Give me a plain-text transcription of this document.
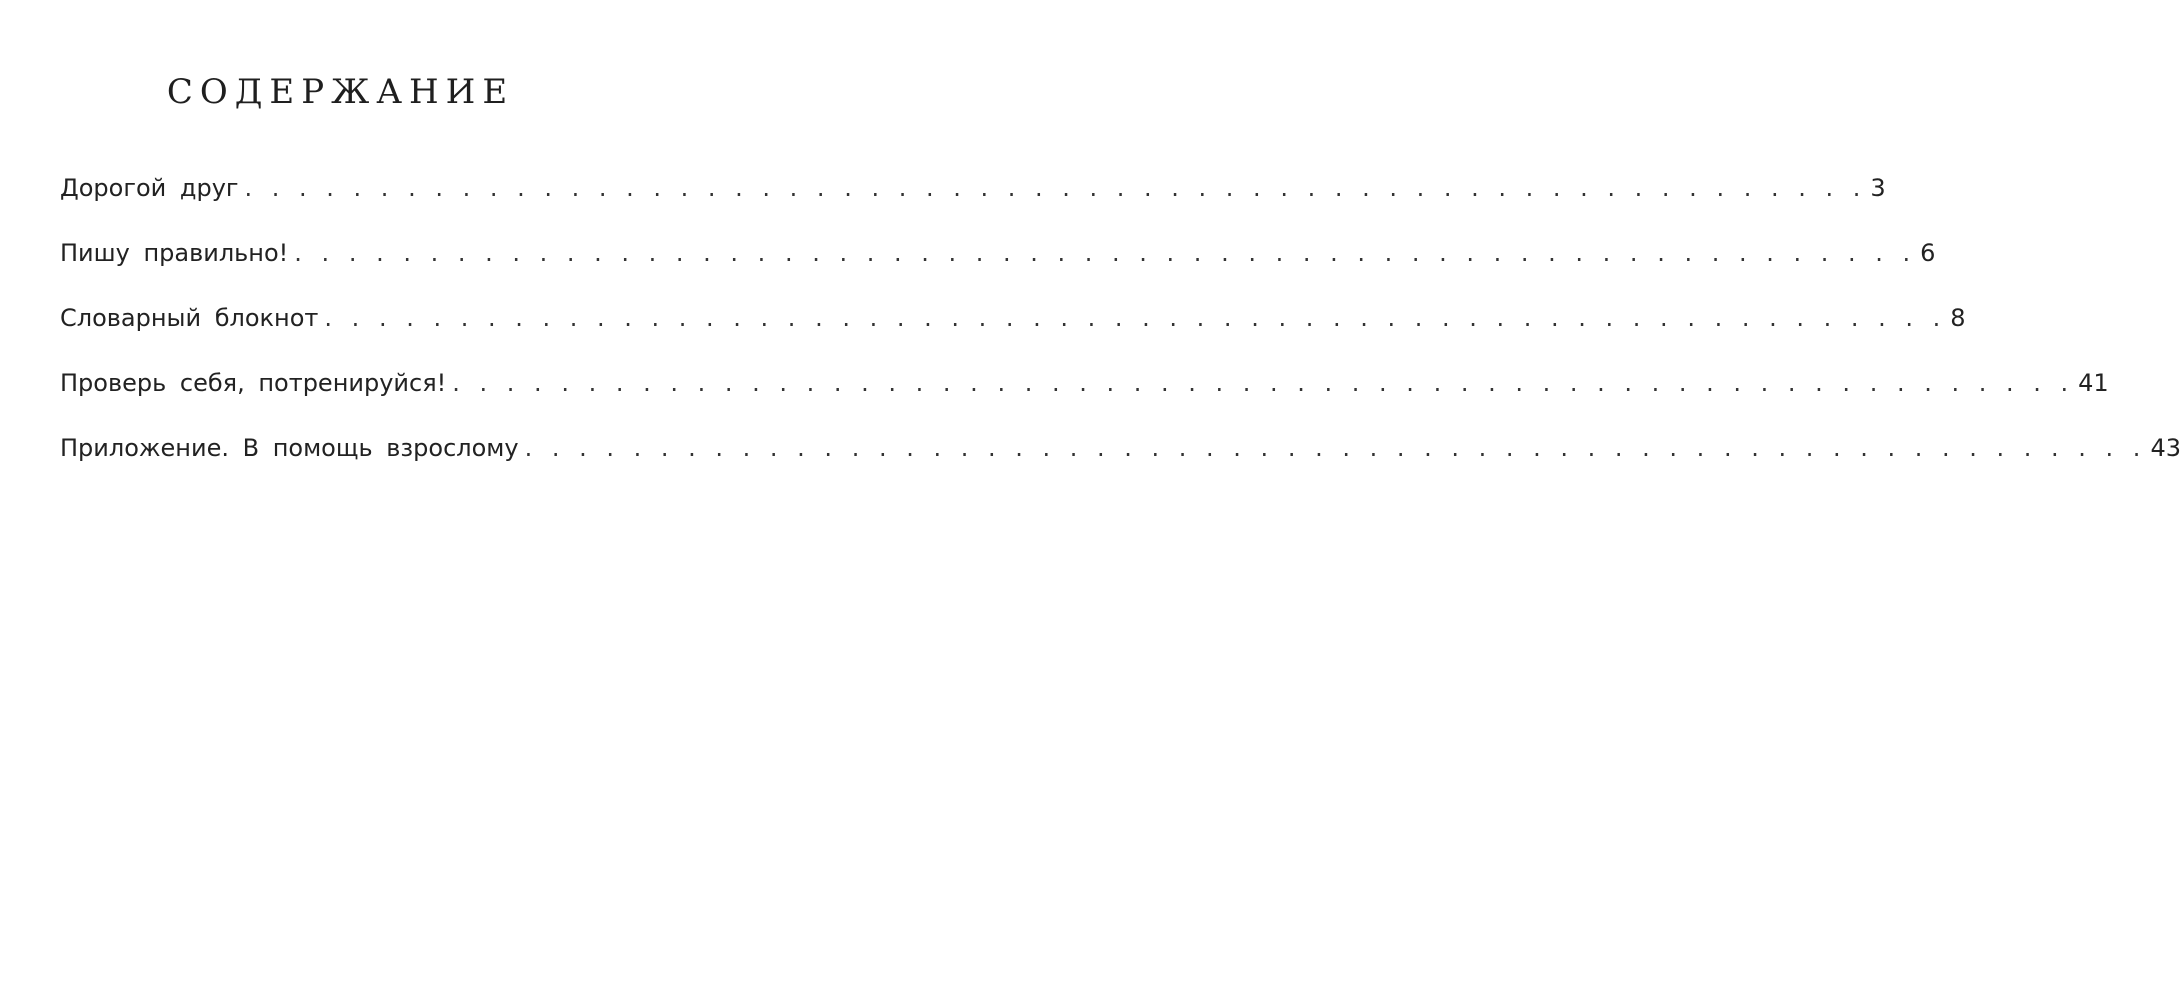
СОДЕРЖАНИЕ
Дорогой друг . . . . . . . . . . . . . . . . . . . . . . . . . . . . . . . . . . . . . . . . . . . . . . . . . . . . . . . . . . . . 3
Пишу правильно! . . . . . . . . . . . . . . . . . . . . . . . . . . . . . . . . . . . . . . . . . . . . . . . . . . . . . . . . . . . . 6
Словарный блокнот . . . . . . . . . . . . . . . . . . . . . . . . . . . . . . . . . . . . . . . . . . . . . . . . . . . . . . . . . . . . 8
Проверь себя, потренируйся! . . . . . . . . . . . . . . . . . . . . . . . . . . . . . . . . . . . . . . . . . . . . . . . . . . . . . . . . . . . . 41
Приложение. В помощь взрослому . . . . . . . . . . . . . . . . . . . . . . . . . . . . . . . . . . . . . . . . . . . . . . . . . . . . . . . . . . . . 43
